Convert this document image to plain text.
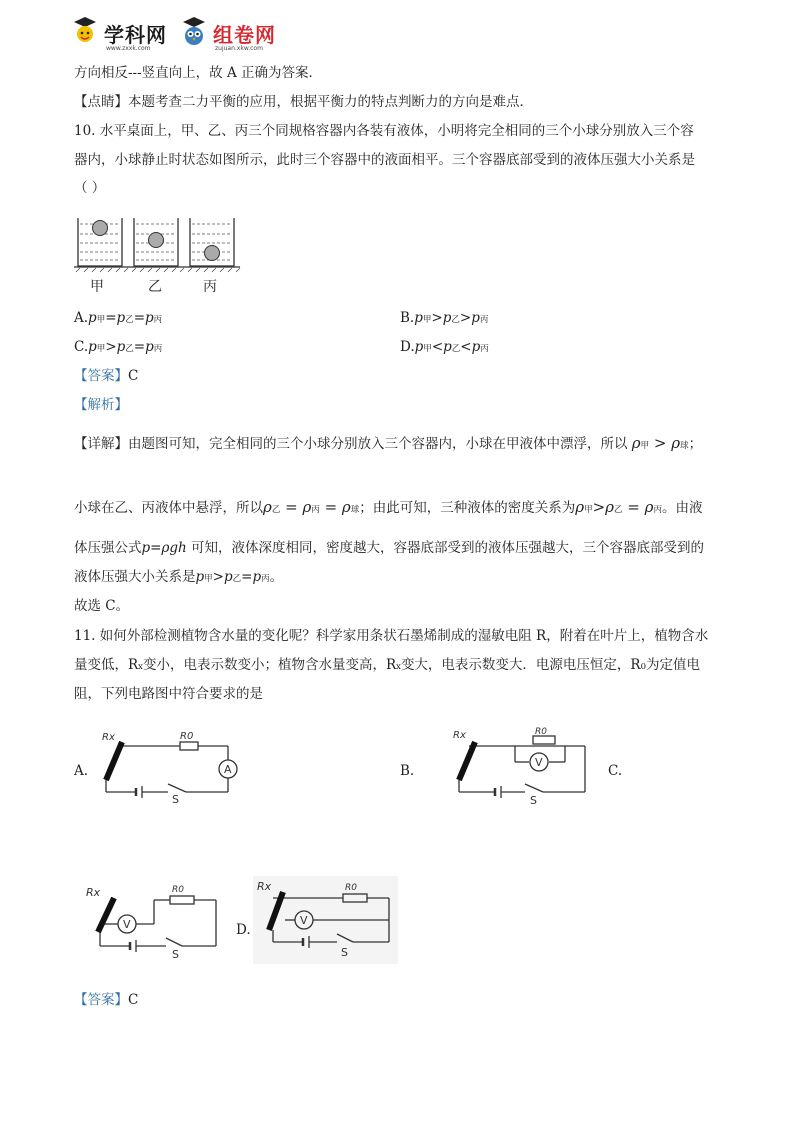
学科网
www.zxxk.com
组卷网
zujuan.xkw.com
方向相反---竖直向上，故 A 正确为答案．
【点睛】本题考查二力平衡的应用，根据平衡力的特点判断力的方向是难点．
10. 水平桌面上，甲、乙、丙三个同规格容器内各装有液体，小明将完全相同的三个小球分别放入三个容
器内，小球静止时状态如图所示，此时三个容器中的液面相平。三个容器底部受到的液体压强大小关系是
（ ）
甲	乙	丙
A.p甲=p乙=p丙	B.p甲>p乙>p丙
C.p甲>p乙=p丙	D.p甲<p乙<p丙
【答案】C
【解析】
【详解】由题图可知，完全相同的三个小球分别放入三个容器内，小球在甲液体中漂浮，所以 ρ甲 > ρ球；
小球在乙、丙液体中悬浮，所以ρ乙 = ρ丙 = ρ球；由此可知，三种液体的密度关系为ρ甲>ρ乙 = ρ丙。由液
体压强公式p=ρgh 可知，液体深度相同，密度越大，容器底部受到的液体压强越大，三个容器底部受到的
液体压强大小关系是p甲>p乙=p丙。
故选 C。
11. 如何外部检测植物含水量的变化呢？科学家用条状石墨烯制成的湿敏电阻 R，附着在叶片上，植物含水
量变低，Rx变小，电表示数变小；植物含水量变高，Rx变大，电表示数变大．电源电压恒定，R0为定值电
阻，下列电路图中符合要求的是
A.
Rx	R0
A
S
B.
Rx	R0
V
S
C.
Rx	R0
V
S
D.
Rx	R0
V
S
【答案】C
